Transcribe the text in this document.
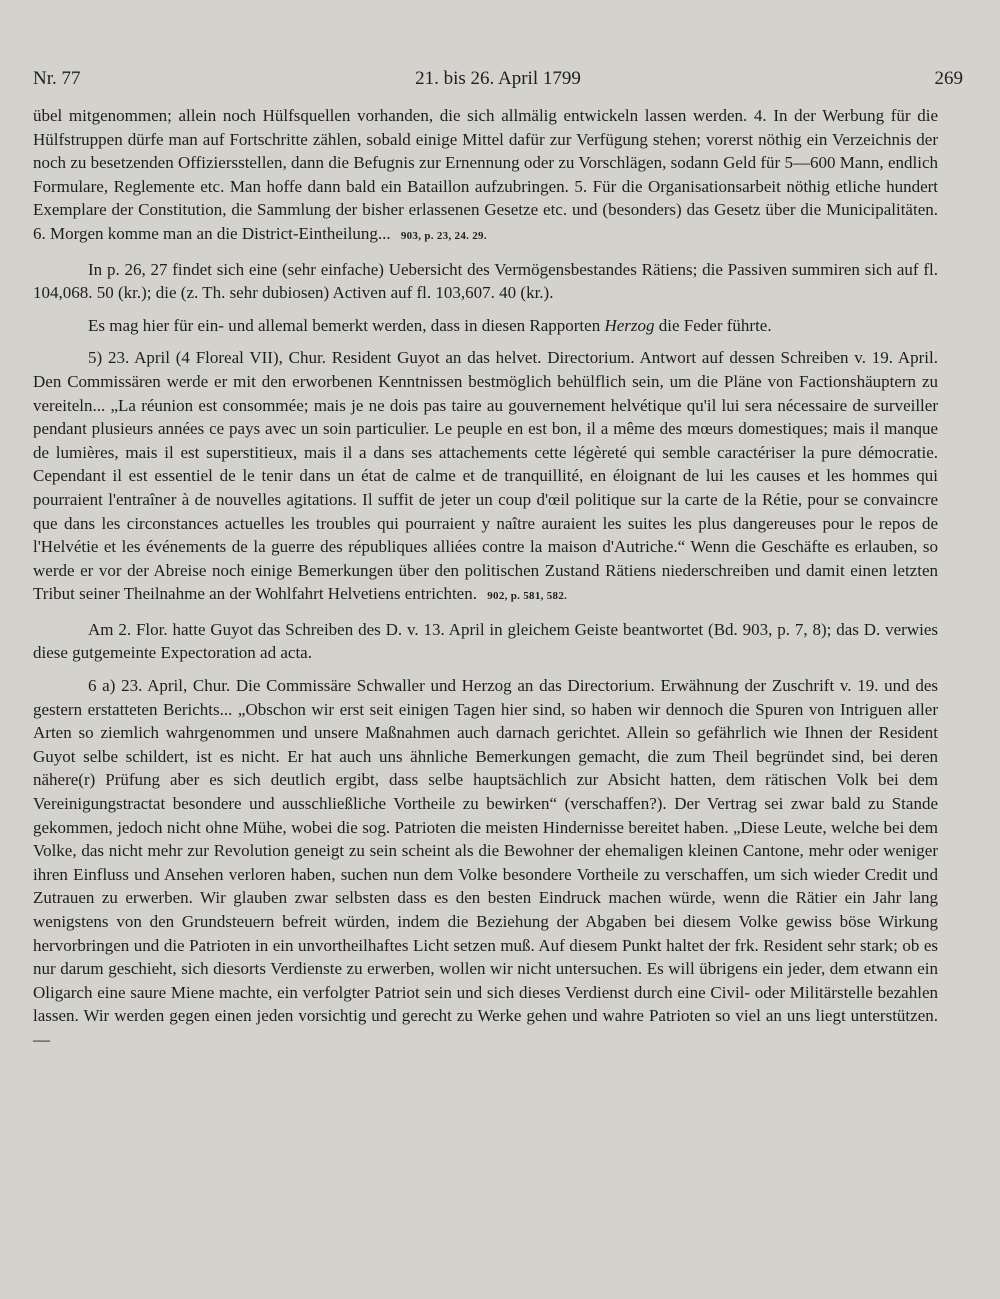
Nr. 77	21. bis 26. April 1799	269

übel mitgenommen; allein noch Hülfsquellen vorhanden, die sich allmälig entwickeln lassen werden. 4. In der Werbung für die Hülfstruppen dürfe man auf Fortschritte zählen, sobald einige Mittel dafür zur Verfügung stehen; vorerst nöthig ein Verzeichnis der noch zu besetzenden Offiziersstellen, dann die Befugnis zur Ernennung oder zu Vorschlägen, sodann Geld für 5—600 Mann, endlich Formulare, Reglemente etc. Man hoffe dann bald ein Bataillon aufzubringen. 5. Für die Organisationsarbeit nöthig etliche hundert Exemplare der Constitution, die Sammlung der bisher erlassenen Gesetze etc. und (besonders) das Gesetz über die Municipalitäten. 6. Morgen komme man an die District-Eintheilung... 903, p. 23, 24. 29.

In p. 26, 27 findet sich eine (sehr einfache) Uebersicht des Vermögensbestandes Rätiens; die Passiven summiren sich auf fl. 104,068. 50 (kr.); die (z. Th. sehr dubiosen) Activen auf fl. 103,607. 40 (kr.).

Es mag hier für ein- und allemal bemerkt werden, dass in diesen Rapporten Herzog die Feder führte.

5) 23. April (4 Floreal VII), Chur. Resident Guyot an das helvet. Directorium. Antwort auf dessen Schreiben v. 19. April. Den Commissären werde er mit den erworbenen Kenntnissen bestmöglich behülflich sein, um die Pläne von Factionshäuptern zu vereiteln... „La réunion est consommée; mais je ne dois pas taire au gouvernement helvétique qu'il lui sera nécessaire de surveiller pendant plusieurs années ce pays avec un soin particulier. Le peuple en est bon, il a même des mœurs domestiques; mais il manque de lumières, mais il est superstitieux, mais il a dans ses attachements cette légèreté qui semble caractériser la pure démocratie. Cependant il est essentiel de le tenir dans un état de calme et de tranquillité, en éloignant de lui les causes et les hommes qui pourraient l'entraîner à de nouvelles agitations. Il suffit de jeter un coup d'œil politique sur la carte de la Rétie, pour se convaincre que dans les circonstances actuelles les troubles qui pourraient y naître auraient les suites les plus dangereuses pour le repos de l'Helvétie et les événements de la guerre des républiques alliées contre la maison d'Autriche.“ Wenn die Geschäfte es erlauben, so werde er vor der Abreise noch einige Bemerkungen über den politischen Zustand Rätiens niederschreiben und damit einen letzten Tribut seiner Theilnahme an der Wohlfahrt Helvetiens entrichten. 902, p. 581, 582.

Am 2. Flor. hatte Guyot das Schreiben des D. v. 13. April in gleichem Geiste beantwortet (Bd. 903, p. 7, 8); das D. verwies diese gutgemeinte Expectoration ad acta.

6 a) 23. April, Chur. Die Commissäre Schwaller und Herzog an das Directorium. Erwähnung der Zuschrift v. 19. und des gestern erstatteten Berichts... „Obschon wir erst seit einigen Tagen hier sind, so haben wir dennoch die Spuren von Intriguen aller Arten so ziemlich wahrgenommen und unsere Maßnahmen auch darnach gerichtet. Allein so gefährlich wie Ihnen der Resident Guyot selbe schildert, ist es nicht. Er hat auch uns ähnliche Bemerkungen gemacht, die zum Theil begründet sind, bei deren nähere(r) Prüfung aber es sich deutlich ergibt, dass selbe hauptsächlich zur Absicht hatten, dem rätischen Volk bei dem Vereinigungstractat besondere und ausschließliche Vortheile zu bewirken“ (verschaffen?). Der Vertrag sei zwar bald zu Stande gekommen, jedoch nicht ohne Mühe, wobei die sog. Patrioten die meisten Hindernisse bereitet haben. „Diese Leute, welche bei dem Volke, das nicht mehr zur Revolution geneigt zu sein scheint als die Bewohner der ehemaligen kleinen Cantone, mehr oder weniger ihren Einfluss und Ansehen verloren haben, suchen nun dem Volke besondere Vortheile zu verschaffen, um sich wieder Credit und Zutrauen zu erwerben. Wir glauben zwar selbsten dass es den besten Eindruck machen würde, wenn die Rätier ein Jahr lang wenigstens von den Grundsteuern befreit würden, indem die Beziehung der Abgaben bei diesem Volke gewiss böse Wirkung hervorbringen und die Patrioten in ein unvortheilhaftes Licht setzen muß. Auf diesem Punkt haltet der frk. Resident sehr stark; ob es nur darum geschieht, sich diesorts Verdienste zu erwerben, wollen wir nicht untersuchen. Es will übrigens ein jeder, dem etwann ein Oligarch eine saure Miene machte, ein verfolgter Patriot sein und sich dieses Verdienst durch eine Civil- oder Militärstelle bezahlen lassen. Wir werden gegen einen jeden vorsichtig und gerecht zu Werke gehen und wahre Patrioten so viel an uns liegt unterstützen. —
